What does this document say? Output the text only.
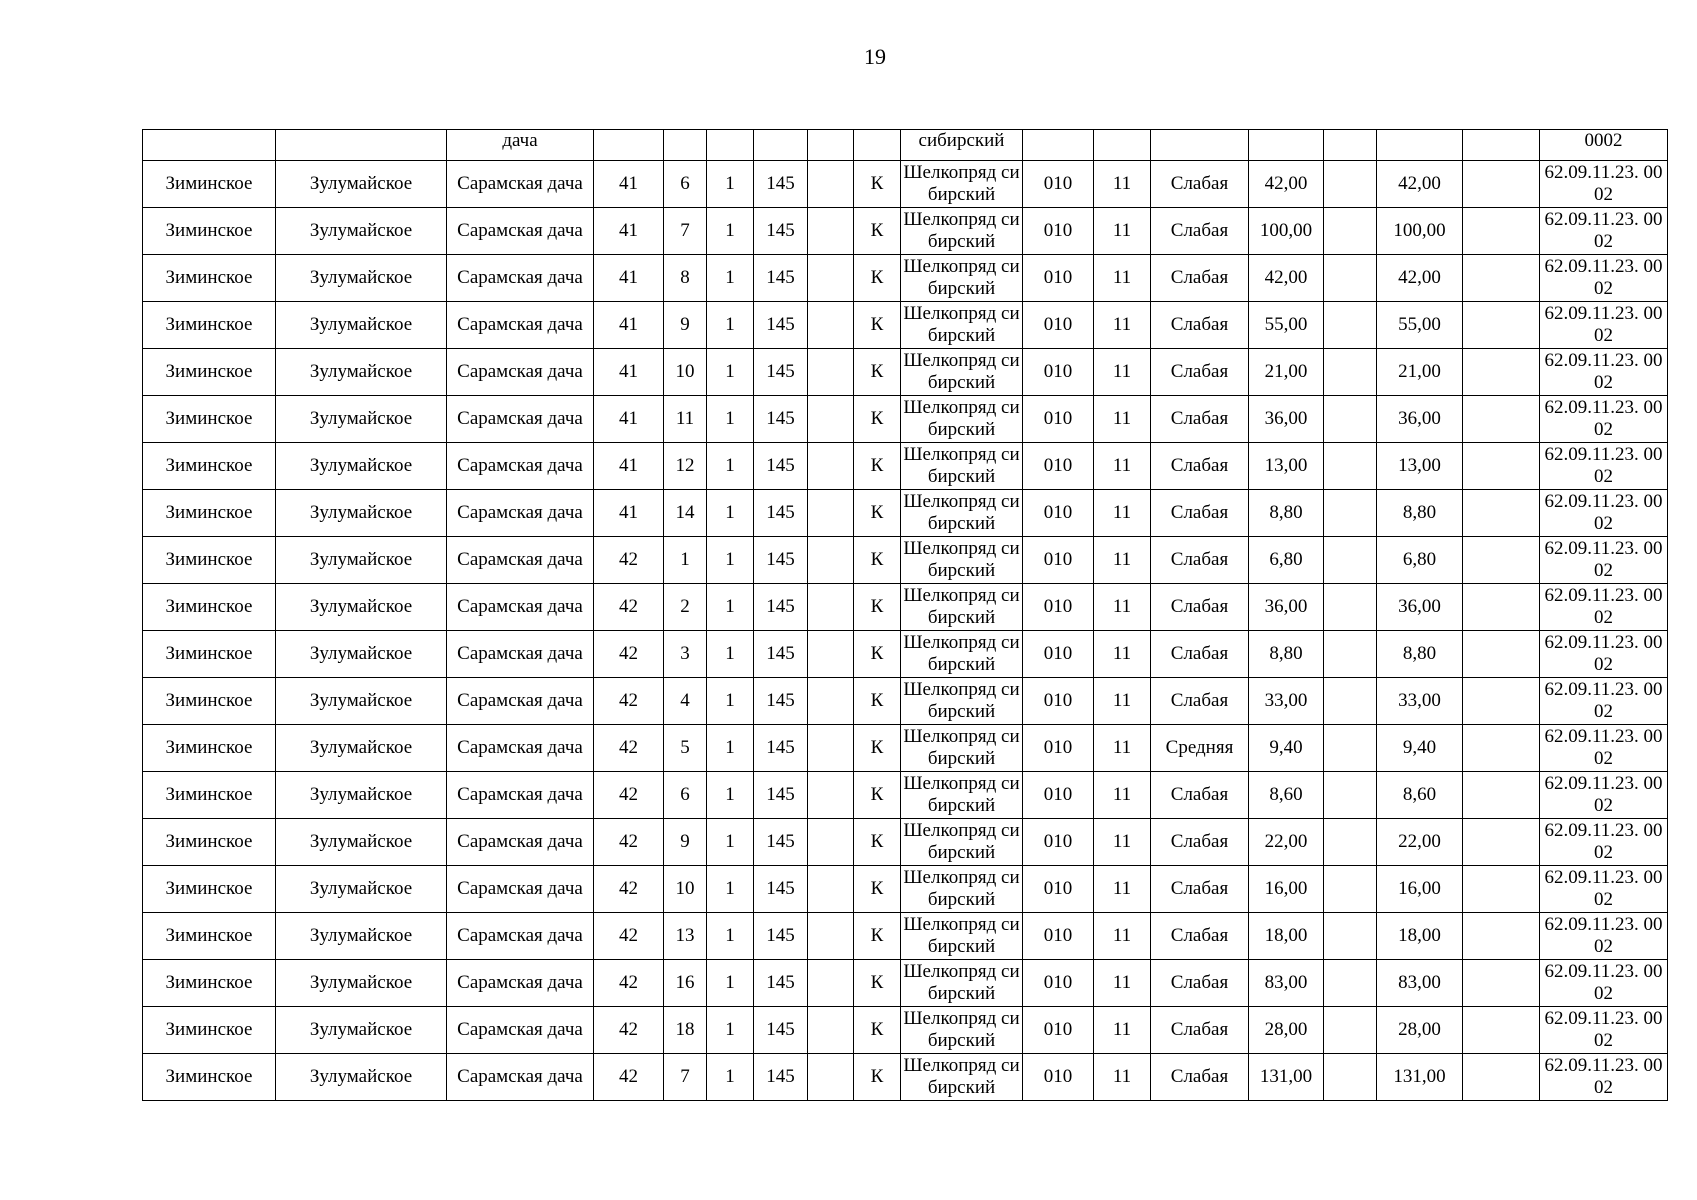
19
		дача							сибирский								0002
Зиминское	Зулумайское	Сарамская дача	41	6	1	145		К	Шелкопряд сибирский	010	11	Слабая	42,00		42,00		62.09.11.23. 0002
Зиминское	Зулумайское	Сарамская дача	41	7	1	145		К	Шелкопряд сибирский	010	11	Слабая	100,00		100,00		62.09.11.23. 0002
Зиминское	Зулумайское	Сарамская дача	41	8	1	145		К	Шелкопряд сибирский	010	11	Слабая	42,00		42,00		62.09.11.23. 0002
Зиминское	Зулумайское	Сарамская дача	41	9	1	145		К	Шелкопряд сибирский	010	11	Слабая	55,00		55,00		62.09.11.23. 0002
Зиминское	Зулумайское	Сарамская дача	41	10	1	145		К	Шелкопряд сибирский	010	11	Слабая	21,00		21,00		62.09.11.23. 0002
Зиминское	Зулумайское	Сарамская дача	41	11	1	145		К	Шелкопряд сибирский	010	11	Слабая	36,00		36,00		62.09.11.23. 0002
Зиминское	Зулумайское	Сарамская дача	41	12	1	145		К	Шелкопряд сибирский	010	11	Слабая	13,00		13,00		62.09.11.23. 0002
Зиминское	Зулумайское	Сарамская дача	41	14	1	145		К	Шелкопряд сибирский	010	11	Слабая	8,80		8,80		62.09.11.23. 0002
Зиминское	Зулумайское	Сарамская дача	42	1	1	145		К	Шелкопряд сибирский	010	11	Слабая	6,80		6,80		62.09.11.23. 0002
Зиминское	Зулумайское	Сарамская дача	42	2	1	145		К	Шелкопряд сибирский	010	11	Слабая	36,00		36,00		62.09.11.23. 0002
Зиминское	Зулумайское	Сарамская дача	42	3	1	145		К	Шелкопряд сибирский	010	11	Слабая	8,80		8,80		62.09.11.23. 0002
Зиминское	Зулумайское	Сарамская дача	42	4	1	145		К	Шелкопряд сибирский	010	11	Слабая	33,00		33,00		62.09.11.23. 0002
Зиминское	Зулумайское	Сарамская дача	42	5	1	145		К	Шелкопряд сибирский	010	11	Средняя	9,40		9,40		62.09.11.23. 0002
Зиминское	Зулумайское	Сарамская дача	42	6	1	145		К	Шелкопряд сибирский	010	11	Слабая	8,60		8,60		62.09.11.23. 0002
Зиминское	Зулумайское	Сарамская дача	42	9	1	145		К	Шелкопряд сибирский	010	11	Слабая	22,00		22,00		62.09.11.23. 0002
Зиминское	Зулумайское	Сарамская дача	42	10	1	145		К	Шелкопряд сибирский	010	11	Слабая	16,00		16,00		62.09.11.23. 0002
Зиминское	Зулумайское	Сарамская дача	42	13	1	145		К	Шелкопряд сибирский	010	11	Слабая	18,00		18,00		62.09.11.23. 0002
Зиминское	Зулумайское	Сарамская дача	42	16	1	145		К	Шелкопряд сибирский	010	11	Слабая	83,00		83,00		62.09.11.23. 0002
Зиминское	Зулумайское	Сарамская дача	42	18	1	145		К	Шелкопряд сибирский	010	11	Слабая	28,00		28,00		62.09.11.23. 0002
Зиминское	Зулумайское	Сарамская дача	42	7	1	145		К	Шелкопряд сибирский	010	11	Слабая	131,00		131,00		62.09.11.23. 0002
